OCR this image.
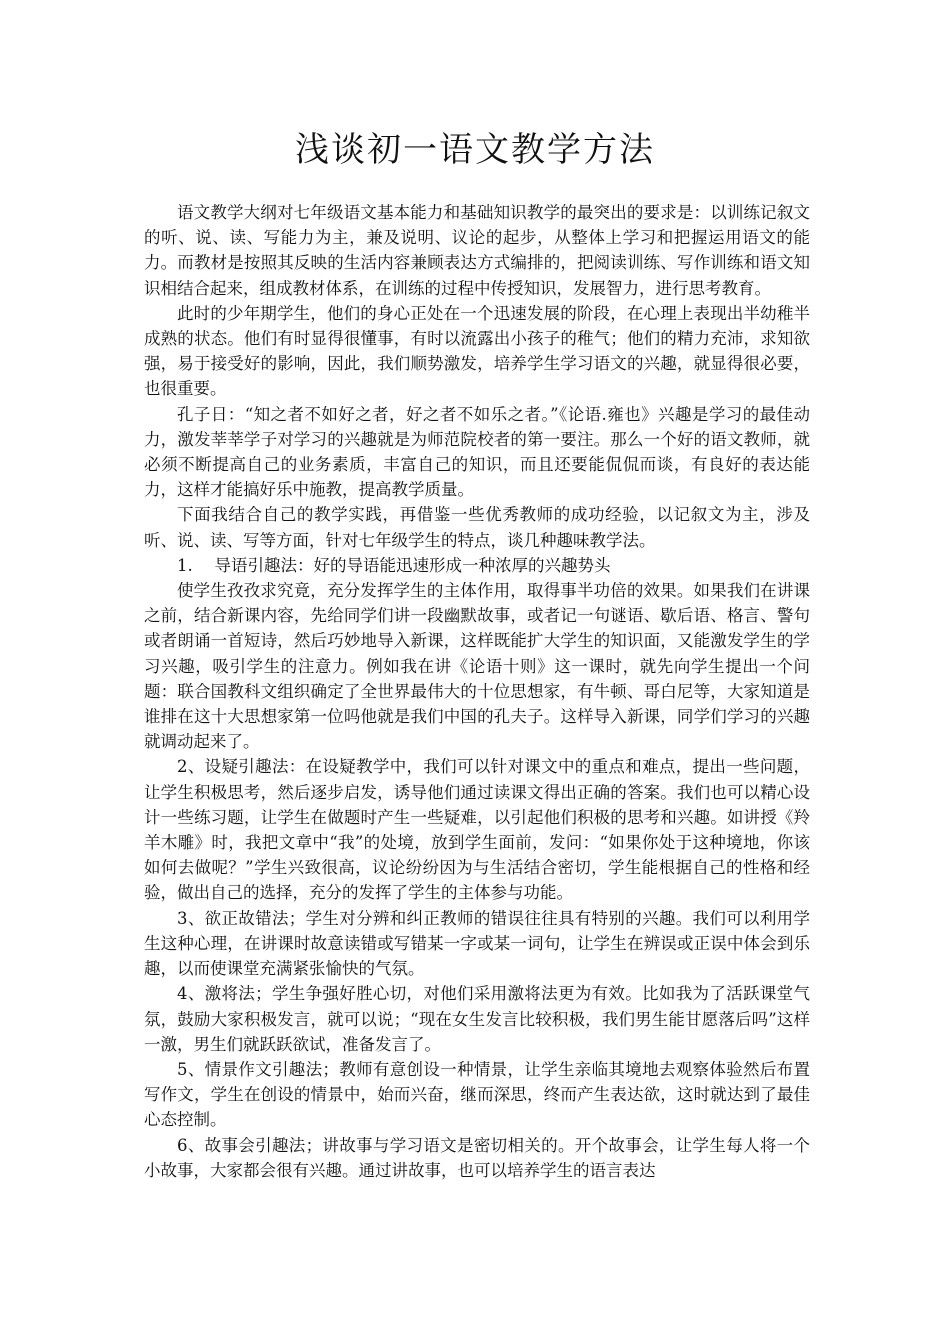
浅谈初一语文教学方法

语文教学大纲对七年级语文基本能力和基础知识教学的最突出的要求是：以训练记叙文的听、说、读、写能力为主，兼及说明、议论的起步，从整体上学习和把握运用语文的能力。而教材是按照其反映的生活内容兼顾表达方式编排的，把阅读训练、写作训练和语文知识相结合起来，组成教材体系，在训练的过程中传授知识，发展智力，进行思考教育。

此时的少年期学生，他们的身心正处在一个迅速发展的阶段，在心理上表现出半幼稚半成熟的状态。他们有时显得很懂事，有时以流露出小孩子的稚气；他们的精力充沛，求知欲强，易于接受好的影响，因此，我们顺势激发，培养学生学习语文的兴趣，就显得很必要，也很重要。

孔子日：“知之者不如好之者，好之者不如乐之者。”《论语.雍也》兴趣是学习的最佳动力，激发莘莘学子对学习的兴趣就是为师范院校者的第一要注。那么一个好的语文教师，就必须不断提高自己的业务素质，丰富自己的知识，而且还要能侃侃而谈，有良好的表达能力，这样才能搞好乐中施教，提高教学质量。

下面我结合自己的教学实践，再借鉴一些优秀教师的成功经验，以记叙文为主，涉及听、说、读、写等方面，针对七年级学生的特点，谈几种趣味教学法。

1.　 导语引趣法：好的导语能迅速形成一种浓厚的兴趣势头

使学生孜孜求究竟，充分发挥学生的主体作用，取得事半功倍的效果。如果我们在讲课之前，结合新课内容，先给同学们讲一段幽默故事，或者记一句谜语、歇后语、格言、警句或者朗诵一首短诗，然后巧妙地导入新课，这样既能扩大学生的知识面，又能激发学生的学习兴趣，吸引学生的注意力。例如我在讲《论语十则》这一课时，就先向学生提出一个问题：联合国教科文组织确定了全世界最伟大的十位思想家，有牛顿、哥白尼等，大家知道是谁排在这十大思想家第一位吗他就是我们中国的孔夫子。这样导入新课，同学们学习的兴趣就调动起来了。

2、设疑引趣法：在设疑教学中，我们可以针对课文中的重点和难点，提出一些问题，让学生积极思考，然后逐步启发，诱导他们通过读课文得出正确的答案。我们也可以精心设计一些练习题，让学生在做题时产生一些疑难，以引起他们积极的思考和兴趣。如讲授《羚羊木雕》时，我把文章中“我”的处境，放到学生面前，发问：“如果你处于这种境地，你该如何去做呢？”学生兴致很高，议论纷纷因为与生活结合密切，学生能根据自己的性格和经验，做出自己的选择，充分的发挥了学生的主体参与功能。

3、欲正故错法；学生对分辨和纠正教师的错误往往具有特别的兴趣。我们可以利用学生这种心理，在讲课时故意读错或写错某一字或某一词句，让学生在辨误或正误中体会到乐趣，以而使课堂充满紧张愉快的气氛。

4、激将法；学生争强好胜心切，对他们采用激将法更为有效。比如我为了活跃课堂气氛，鼓励大家积极发言，就可以说；“现在女生发言比较积极，我们男生能甘愿落后吗”这样一激，男生们就跃跃欲试，准备发言了。

5、情景作文引趣法；教师有意创设一种情景，让学生亲临其境地去观察体验然后布置写作文，学生在创设的情景中，始而兴奋，继而深思，终而产生表达欲，这时就达到了最佳心态控制。

6、故事会引趣法；讲故事与学习语文是密切相关的。开个故事会，让学生每人将一个小故事，大家都会很有兴趣。通过讲故事，也可以培养学生的语言表达
